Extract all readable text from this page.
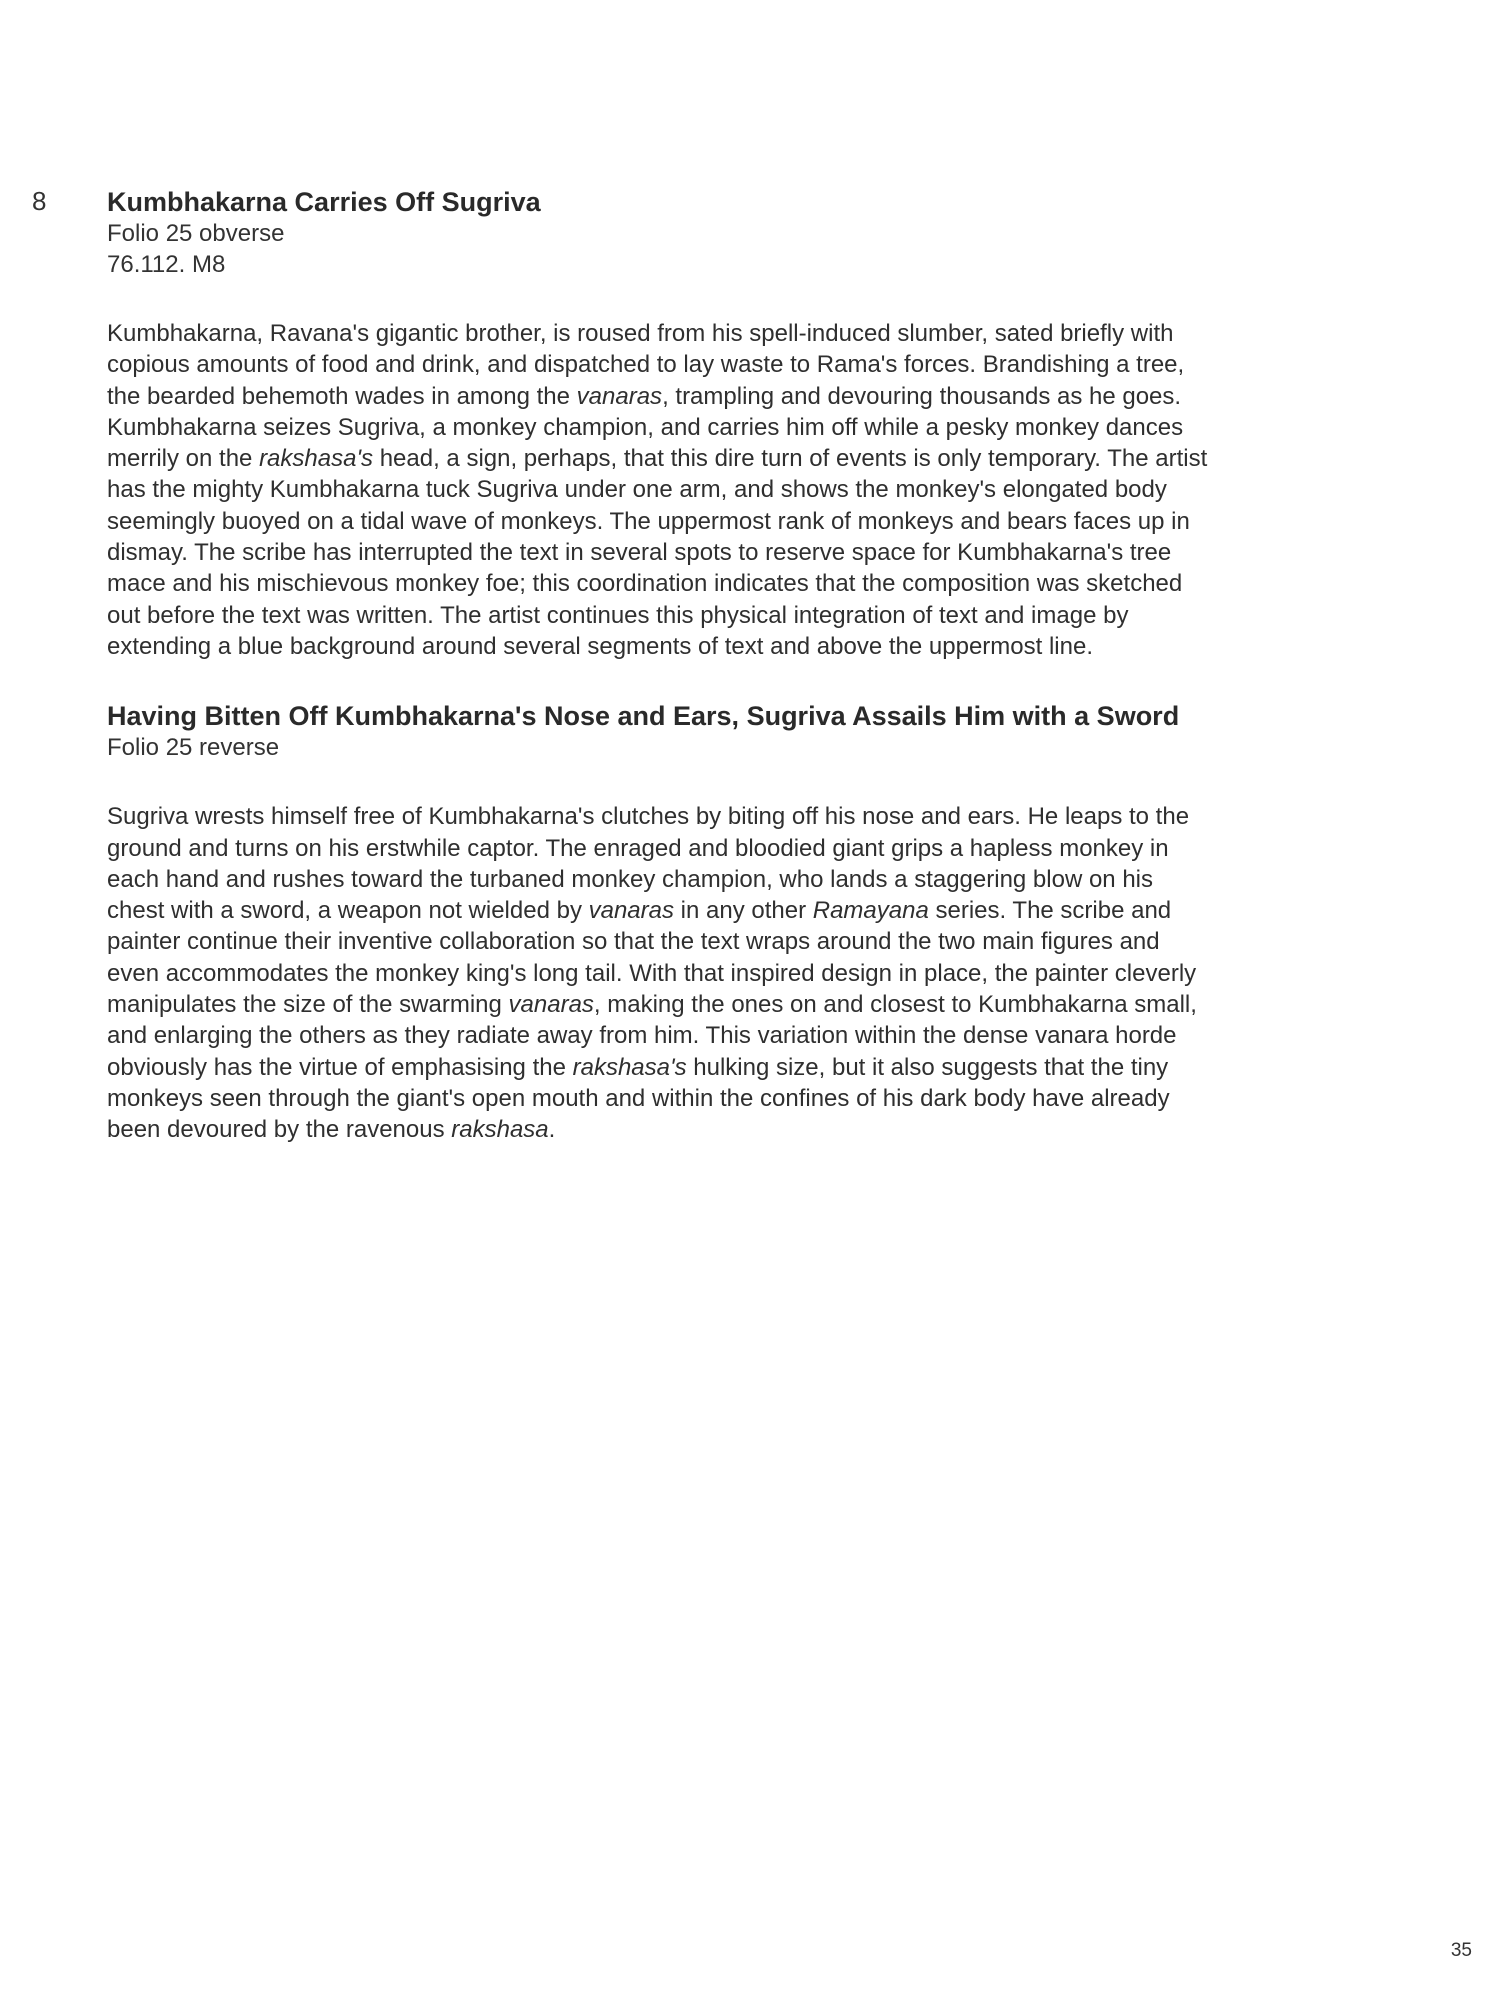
8 Kumbhakarna Carries Off Sugriva

Folio 25 obverse

76.112. M8

Kumbhakarna, Ravana's gigantic brother, is roused from his spell-induced slumber, sated briefly with
copious amounts of food and drink, and dispatched to lay waste to Rama's forces. Brandishing a tree,
the bearded behemoth wades in among the vanaras, trampling and devouring thousands as he goes.
Kumbhakarna seizes Sugriva, a monkey champion, and carries him off while a pesky monkey dances
merrily on the rakshasa's head, a sign, perhaps, that this dire turn of events is only temporary. The artist
has the mighty Kumbhakarna tuck Sugriva under one arm, and shows the monkey's elongated body
seemingly buoyed on a tidal wave of monkeys. The uppermost rank of monkeys and bears faces up in
dismay. The scribe has interrupted the text in several spots to reserve space for Kumbhakarna's tree
mace and his mischievous monkey foe; this coordination indicates that the composition was sketched
out before the text was written. The artist continues this physical integration of text and image by
extending a blue background around several segments of text and above the uppermost line.
Having Bitten Off Kumbhakarna's Nose and Ears, Sugriva Assails Him with a Sword

Folio 25 reverse

Sugriva wrests himself free of Kumbhakarna's clutches by biting off his nose and ears. He leaps to the
ground and turns on his erstwhile captor. The enraged and bloodied giant grips a hapless monkey in
each hand and rushes toward the turbaned monkey champion, who lands a staggering blow on his
chest with a sword, a weapon not wielded by vanaras in any other Ramayana series. The scribe and
painter continue their inventive collaboration so that the text wraps around the two main figures and
even accommodates the monkey king's long tail. With that inspired design in place, the painter cleverly
manipulates the size of the swarming vanaras, making the ones on and closest to Kumbhakarna small,
and enlarging the others as they radiate away from him. This variation within the dense vanara horde
obviously has the virtue of emphasising the rakshasa's hulking size, but it also suggests that the tiny
monkeys seen through the giant's open mouth and within the confines of his dark body have already
been devoured by the ravenous rakshasa.
35
